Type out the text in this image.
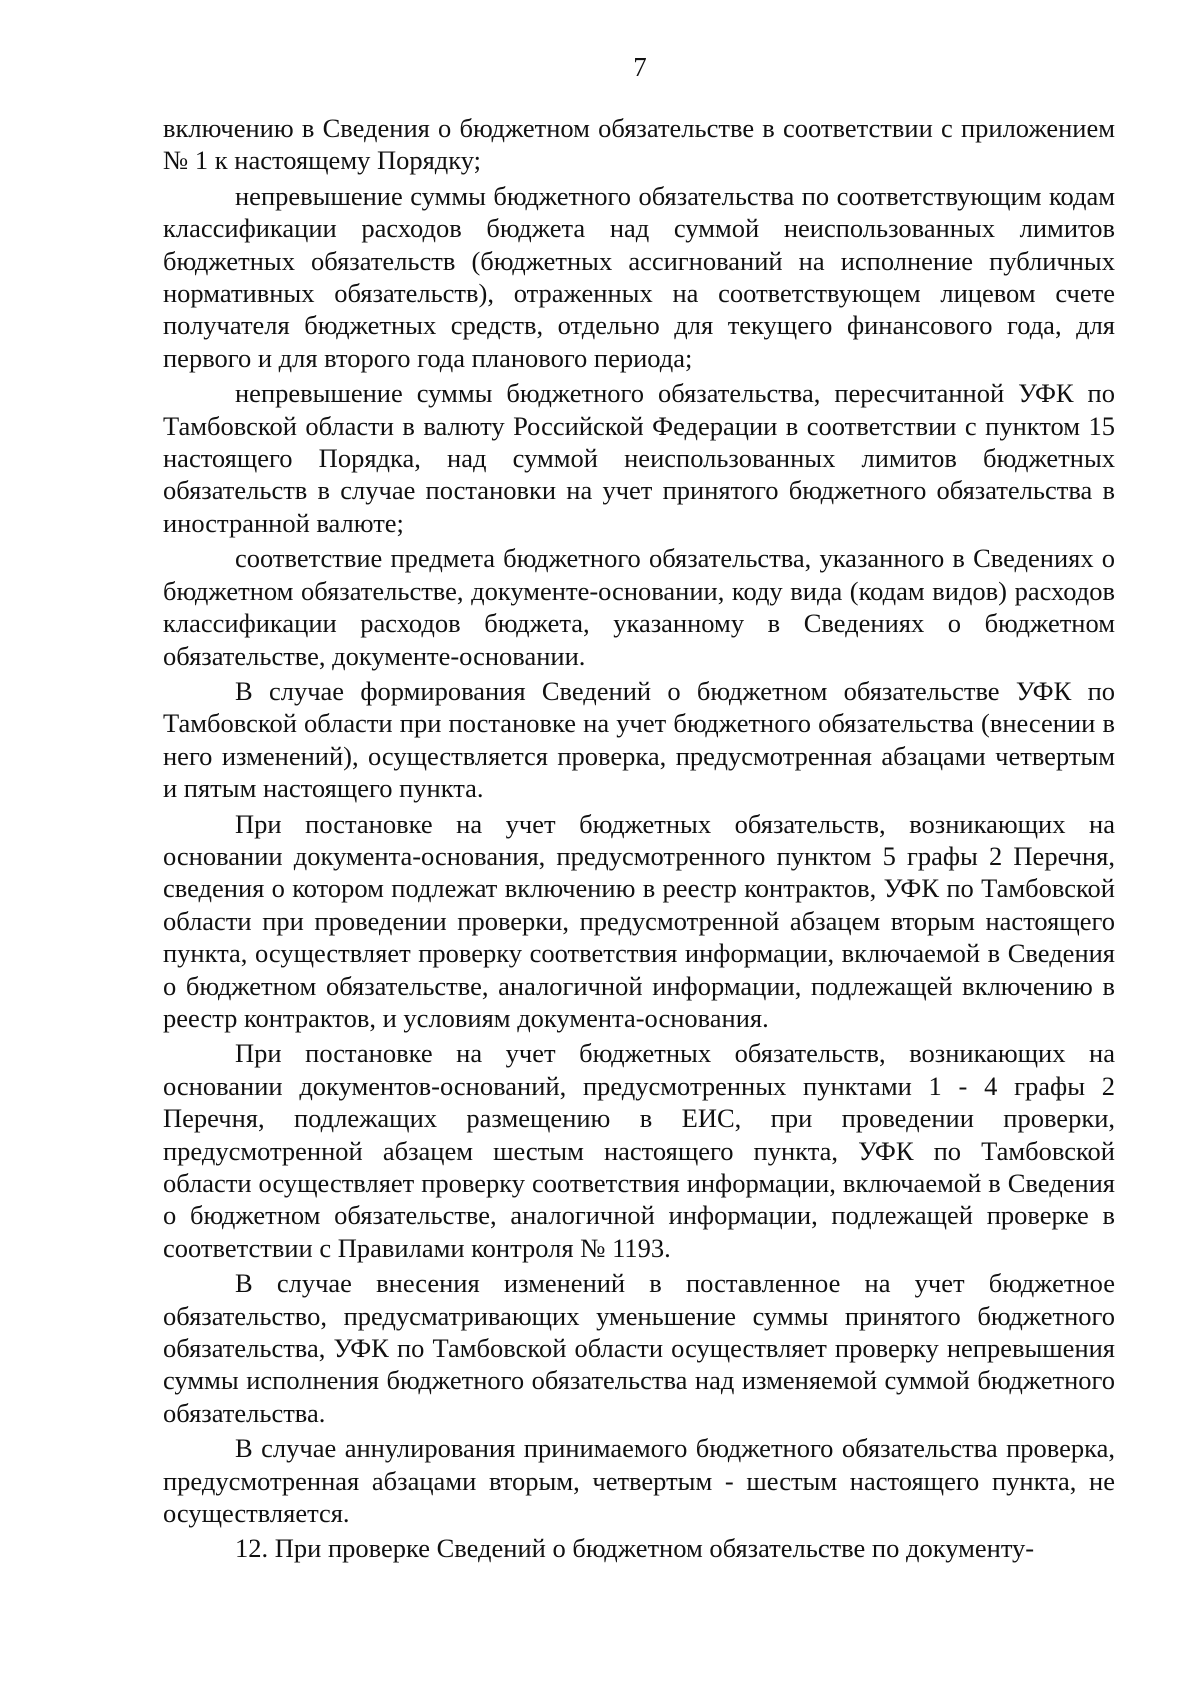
7

включению в Сведения о бюджетном обязательстве в соответствии с приложением № 1 к настоящему Порядку;

непревышение суммы бюджетного обязательства по соответствующим кодам классификации расходов бюджета над суммой неиспользованных лимитов бюджетных обязательств (бюджетных ассигнований на исполнение публичных нормативных обязательств), отраженных на соответствующем лицевом счете получателя бюджетных средств, отдельно для текущего финансового года, для первого и для второго года планового периода;

непревышение суммы бюджетного обязательства, пересчитанной УФК по Тамбовской области в валюту Российской Федерации в соответствии с пунктом 15 настоящего Порядка, над суммой неиспользованных лимитов бюджетных обязательств в случае постановки на учет принятого бюджетного обязательства в иностранной валюте;

соответствие предмета бюджетного обязательства, указанного в Сведениях о бюджетном обязательстве, документе-основании, коду вида (кодам видов) расходов классификации расходов бюджета, указанному в Сведениях о бюджетном обязательстве, документе-основании.

В случае формирования Сведений о бюджетном обязательстве УФК по Тамбовской области при постановке на учет бюджетного обязательства (внесении в него изменений), осуществляется проверка, предусмотренная абзацами четвертым и пятым настоящего пункта.

При постановке на учет бюджетных обязательств, возникающих на основании документа-основания, предусмотренного пунктом 5 графы 2 Перечня, сведения о котором подлежат включению в реестр контрактов, УФК по Тамбовской области при проведении проверки, предусмотренной абзацем вторым настоящего пункта, осуществляет проверку соответствия информации, включаемой в Сведения о бюджетном обязательстве, аналогичной информации, подлежащей включению в реестр контрактов, и условиям документа-основания.

При постановке на учет бюджетных обязательств, возникающих на основании документов-оснований, предусмотренных пунктами 1 - 4 графы 2 Перечня, подлежащих размещению в ЕИС, при проведении проверки, предусмотренной абзацем шестым настоящего пункта, УФК по Тамбовской области осуществляет проверку соответствия информации, включаемой в Сведения о бюджетном обязательстве, аналогичной информации, подлежащей проверке в соответствии с Правилами контроля № 1193.

В случае внесения изменений в поставленное на учет бюджетное обязательство, предусматривающих уменьшение суммы принятого бюджетного обязательства, УФК по Тамбовской области осуществляет проверку непревышения суммы исполнения бюджетного обязательства над изменяемой суммой бюджетного обязательства.

В случае аннулирования принимаемого бюджетного обязательства проверка, предусмотренная абзацами вторым, четвертым - шестым настоящего пункта, не осуществляется.

12. При проверке Сведений о бюджетном обязательстве по документу-
